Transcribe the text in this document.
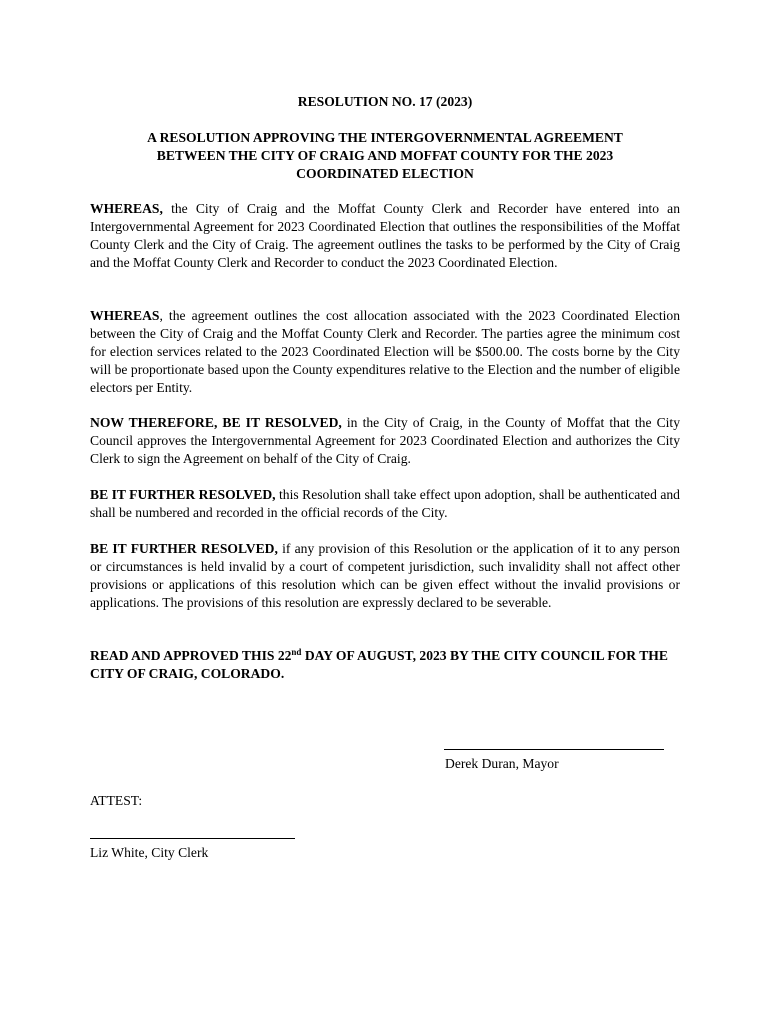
RESOLUTION NO. 17 (2023)

A RESOLUTION APPROVING THE INTERGOVERNMENTAL AGREEMENT

BETWEEN THE CITY OF CRAIG AND MOFFAT COUNTY FOR THE 2023

COORDINATED ELECTION

WHEREAS, the City of Craig and the Moffat County Clerk and Recorder have entered into an Intergovernmental Agreement for 2023 Coordinated Election that outlines the responsibilities of the Moffat County Clerk and the City of Craig. The agreement outlines the tasks to be performed by the City of Craig and the Moffat County Clerk and Recorder to conduct the 2023 Coordinated Election.

WHEREAS, the agreement outlines the cost allocation associated with the 2023 Coordinated Election between the City of Craig and the Moffat County Clerk and Recorder. The parties agree the minimum cost for election services related to the 2023 Coordinated Election will be $500.00. The costs borne by the City will be proportionate based upon the County expenditures relative to the Election and the number of eligible electors per Entity.

NOW THEREFORE, BE IT RESOLVED, in the City of Craig, in the County of Moffat that the City Council approves the Intergovernmental Agreement for 2023 Coordinated Election and authorizes the City Clerk to sign the Agreement on behalf of the City of Craig.

BE IT FURTHER RESOLVED, this Resolution shall take effect upon adoption, shall be authenticated and shall be numbered and recorded in the official records of the City.

BE IT FURTHER RESOLVED, if any provision of this Resolution or the application of it to any person or circumstances is held invalid by a court of competent jurisdiction, such invalidity shall not affect other provisions or applications of this resolution which can be given effect without the invalid provisions or applications. The provisions of this resolution are expressly declared to be severable.

READ AND APPROVED THIS 22nd DAY OF AUGUST, 2023 BY THE CITY COUNCIL FOR THE CITY OF CRAIG, COLORADO.

Derek Duran, Mayor

ATTEST:

Liz White, City Clerk
